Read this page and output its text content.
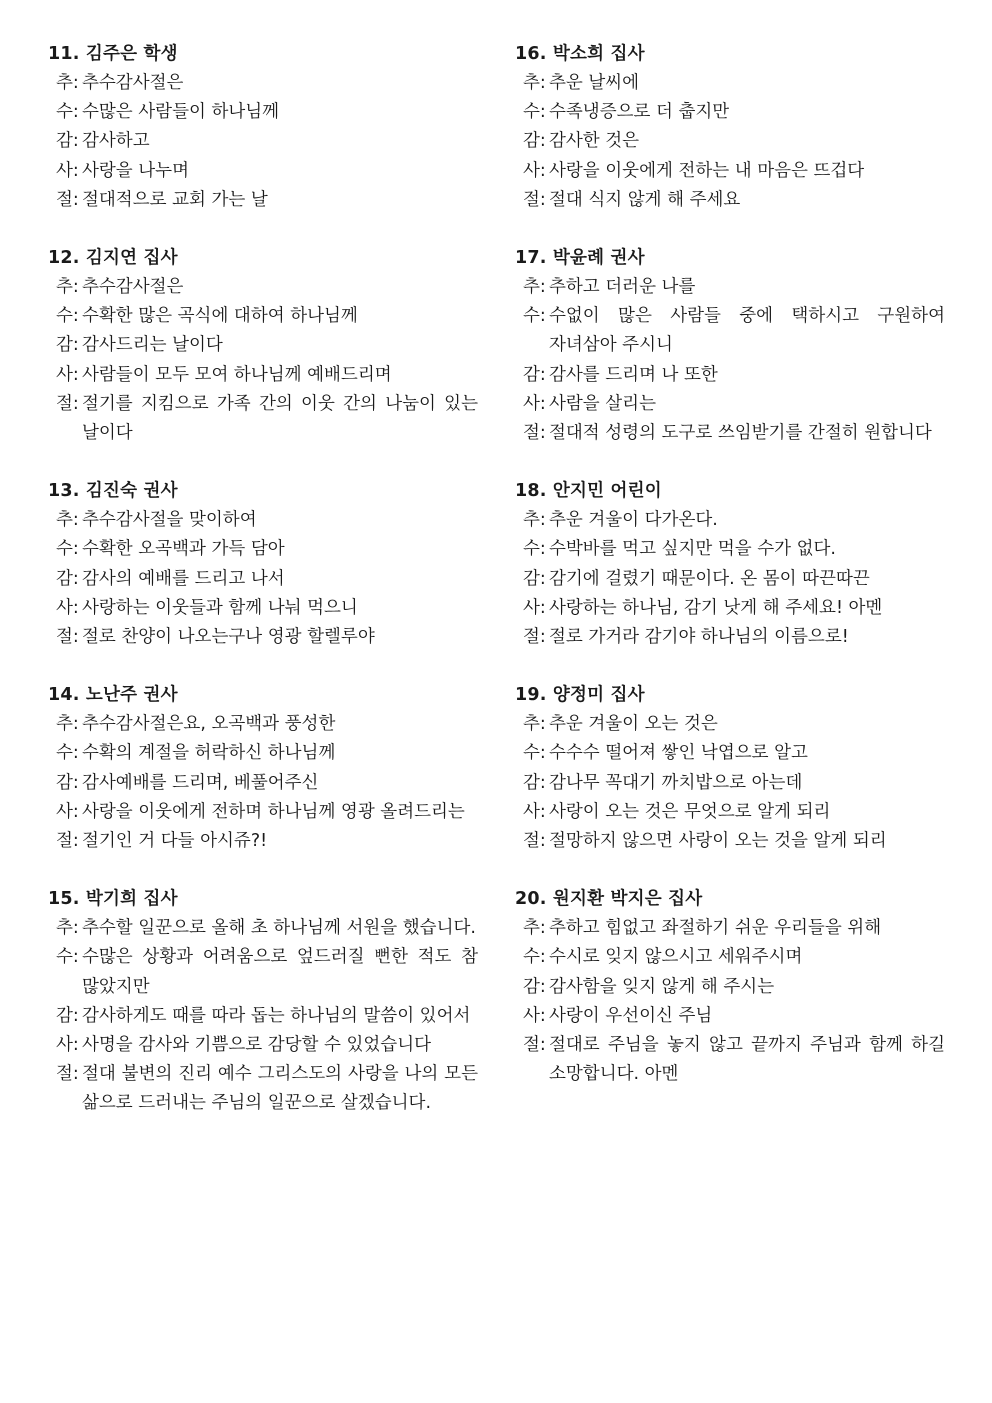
11. 김주은 학생
추: 추수감사절은
수: 수많은 사람들이 하나님께
감: 감사하고
사: 사랑을 나누며
절: 절대적으로 교회 가는 날
12. 김지연 집사
추: 추수감사절은
수: 수확한 많은 곡식에 대하여 하나님께
감: 감사드리는 날이다
사: 사람들이 모두 모여 하나님께 예배드리며
절: 절기를 지킴으로 가족 간의 이웃 간의 나눔이 있는 날이다
13. 김진숙 권사
추: 추수감사절을 맞이하여
수: 수확한 오곡백과 가득 담아
감: 감사의 예배를 드리고 나서
사: 사랑하는 이웃들과 함께 나눠 먹으니
절: 절로 찬양이 나오는구나 영광 할렐루야
14. 노난주 권사
추: 추수감사절은요, 오곡백과 풍성한
수: 수확의 계절을 허락하신 하나님께
감: 감사예배를 드리며, 베풀어주신
사: 사랑을 이웃에게 전하며 하나님께 영광 올려드리는
절: 절기인 거 다들 아시쥬?!
15. 박기희 집사
추: 추수할 일꾼으로 올해 초 하나님께 서원을 했습니다.
수: 수많은 상황과 어려움으로 엎드러질 뻔한 적도 참 많았지만
감: 감사하게도 때를 따라 돕는 하나님의 말씀이 있어서
사: 사명을 감사와 기쁨으로 감당할 수 있었습니다
절: 절대 불변의 진리 예수 그리스도의 사랑을 나의 모든 삶으로 드러내는 주님의 일꾼으로 살겠습니다.
16. 박소희 집사
추: 추운 날씨에
수: 수족냉증으로 더 춥지만
감: 감사한 것은
사: 사랑을 이웃에게 전하는 내 마음은 뜨겁다
절: 절대 식지 않게 해 주세요
17. 박윤례 권사
추: 추하고 더러운 나를
수: 수없이 많은 사람들 중에 택하시고 구원하여 자녀삼아 주시니
감: 감사를 드리며 나 또한
사: 사람을 살리는
절: 절대적 성령의 도구로 쓰임받기를 간절히 원합니다
18. 안지민 어린이
추: 추운 겨울이 다가온다.
수: 수박바를 먹고 싶지만 먹을 수가 없다.
감: 감기에 걸렸기 때문이다. 온 몸이 따끈따끈
사: 사랑하는 하나님, 감기 낫게 해 주세요! 아멘
절: 절로 가거라 감기야 하나님의 이름으로!
19. 양정미 집사
추: 추운 겨울이 오는 것은
수: 수수수 떨어져 쌓인 낙엽으로 알고
감: 감나무 꼭대기 까치밥으로 아는데
사: 사랑이 오는 것은 무엇으로 알게 되리
절: 절망하지 않으면 사랑이 오는 것을 알게 되리
20. 원지환 박지은 집사
추: 추하고 힘없고 좌절하기 쉬운 우리들을 위해
수: 수시로 잊지 않으시고 세워주시며
감: 감사함을 잊지 않게 해 주시는
사: 사랑이 우선이신 주님
절: 절대로 주님을 놓지 않고 끝까지 주님과 함께 하길 소망합니다. 아멘
